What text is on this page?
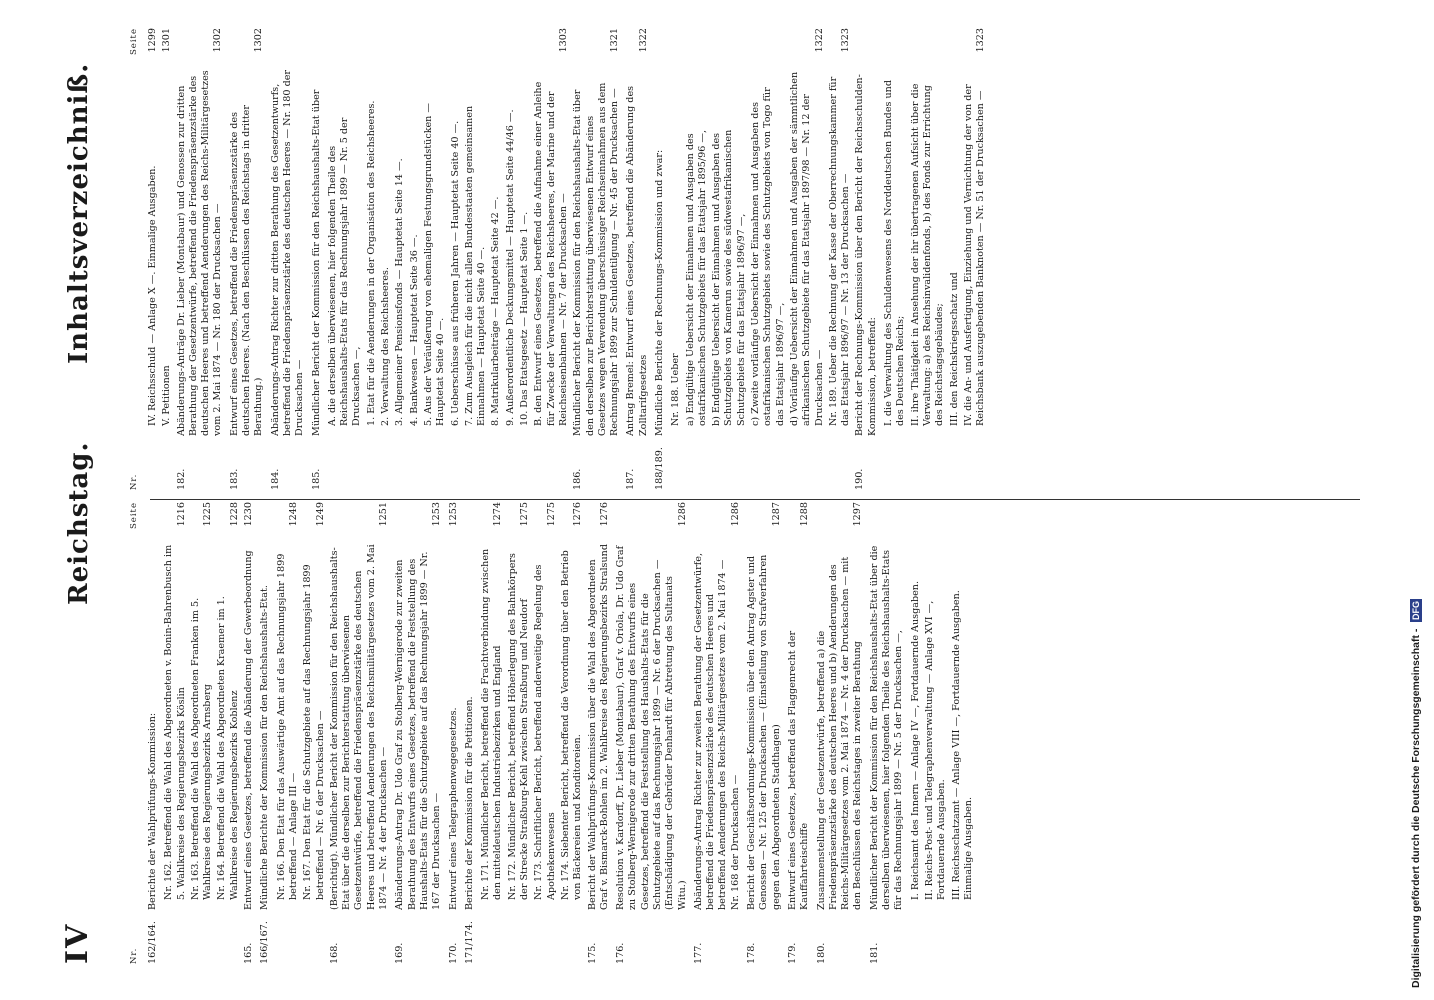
IV
Reichstag.
Inhaltsverzeichniß.
Nr.
Seite
162/164.
Berichte der Wahlprüfungs-Kommission: Nr. 162. Betreffend die Wahl des Abgeordneten v. Bonin-Bahrenbusch im 5. Wahlkreise des Regierungsbezirks Köslin
1216
Nr. 163. Betreffend die Wahl des Abgeordneten Franken im 5. Wahlkreise des Regierungsbezirks Arnsberg
1225
Nr. 164. Betreffend die Wahl des Abgeordneten Kraemer im 1. Wahlkreise des Regierungsbezirks Koblenz
1228
165.
Entwurf eines Gesetzes, betreffend die Abänderung der Gewerbeordnung
1230
166/167.
Mündliche Berichte der Kommission für den Reichshaushalts-Etat. Nr. 166. Den Etat für das Auswärtige Amt auf das Rechnungsjahr 1899 betreffend — Anlage III —
1248
Nr. 167. Den Etat für die Schutzgebiete auf das Rechnungsjahr 1899 betreffend — Nr. 6 der Drucksachen —
1249
168.
(Berichtigt). Mündlicher Bericht der Kommission für den Reichshaushalts-Etat über die derselben zur Berichterstattung überwiesenen Gesetzentwürfe, betreffend die Friedenspräsenzstärke des deutschen Heeres und betreffend Aenderungen des Reichsmilitärgesetzes vom 2. Mai 1874 — Nr. 4 der Drucksachen —
1251
169.
Abänderungs-Antrag Dr. Udo Graf zu Stolberg-Wernigerode zur zweiten Berathung des Entwurfs eines Gesetzes, betreffend die Feststellung des Haushalts-Etats für die Schutzgebiete auf das Rechnungsjahr 1899 — Nr. 167 der Drucksachen —
1253
170.
Entwurf eines Telegraphenwegegesetzes.
1253
171/174.
Berichte der Kommission für die Petitionen. Nr. 171. Mündlicher Bericht, betreffend die Frachtverbindung zwischen den mitteldeutschen Industriebezirken und England
1274
Nr. 172. Mündlicher Bericht, betreffend Höherlegung des Bahnkörpers der Strecke Straßburg-Kehl zwischen Straßburg und Neudorf
1275
Nr. 173. Schriftlicher Bericht, betreffend anderweitige Regelung des Apothekenwesens
1275
Nr. 174. Siebenter Bericht, betreffend die Verordnung über den Betrieb von Bäckereien und Konditoreien.
1276
175.
Bericht der Wahlprüfungs-Kommission über die Wahl des Abgeordneten Graf v. Bismarck-Bohlen im 2. Wahlkreise des Regierungsbezirks Stralsund
1276
176.
Resolution v. Kardorff, Dr. Lieber (Montabaur), Graf v. Oriola, Dr. Udo Graf zu Stolberg-Wernigerode zur dritten Berathung des Entwurfs eines Gesetzes, betreffend die Feststellung des Haushalts-Etats für die Schutzgebiete auf das Rechnungsjahr 1899 — Nr. 6 der Drucksachen — (Entschädigung der Gebrüder Denhardt für Abtretung des Sultanats Witu.)
1286
177.
Abänderungs-Antrag Richter zur zweiten Berathung der Gesetzentwürfe, betreffend die Friedenspräsenzstärke des deutschen Heeres und betreffend Aenderungen des Reichs-Militärgesetzes vom 2. Mai 1874 — Nr. 168 der Drucksachen —
1286
178.
Bericht der Geschäftsordnungs-Kommission über den Antrag Agster und Genossen — Nr. 125 der Drucksachen — (Einstellung von Strafverfahren gegen den Abgeordneten Stadthagen)
1287
179.
Entwurf eines Gesetzes, betreffend das Flaggenrecht der Kauffahrteischiffe
1288
180.
Zusammenstellung der Gesetzentwürfe, betreffend a) die Friedenspräsenzstärke des deutschen Heeres und b) Aenderungen des Reichs-Militärgesetzes vom 2. Mai 1874 — Nr. 4 der Drucksachen — mit den Beschlüssen des Reichstages in zweiter Berathung
1297
181.
Mündlicher Bericht der Kommission für den Reichshaushalts-Etat über die derselben überwiesenen, hier folgenden Theile des Reichshaushalts-Etats für das Rechnungsjahr 1899 — Nr. 5 der Drucksachen —, I. Reichsamt des Innern — Anlage IV —, Fortdauernde Ausgaben. II. Reichs-Post- und Telegraphenverwaltung — Anlage XVI —, Fortdauernde Ausgaben. III. Reichsschatzamt — Anlage VIII —, Fortdauernde Ausgaben. Einmalige Ausgaben.
Nr.
Seite
IV. Reichsschuld — Anlage X —. Einmalige Ausgaben.
1299
V. Petitionen
1301
182.
Abänderungs-Anträge Dr. Lieber (Montabaur) und Genossen zur dritten Berathung der Gesetzentwürfe, betreffend die Friedenspräsenzstärke des deutschen Heeres und betreffend Aenderungen des Reichs-Militärgesetzes vom 2. Mai 1874 — Nr. 180 der Drucksachen —
1302
183.
Entwurf eines Gesetzes, betreffend die Friedenspräsenzstärke des deutschen Heeres. (Nach den Beschlüssen des Reichstags in dritter Berathung.)
1302
184.
Abänderungs-Antrag Richter zur dritten Berathung des Gesetzentwurfs, betreffend die Friedenspräsenzstärke des deutschen Heeres — Nr. 180 der Drucksachen —
185.
Mündlicher Bericht der Kommission für den Reichshaushalts-Etat über A. die derselben überwiesenen, hier folgenden Theile des Reichshaushalts-Etats für das Rechnungsjahr 1899 — Nr. 5 der Drucksachen —, 1. Etat für die Aenderungen in der Organisation des Reichsheeres. 2. Verwaltung des Reichsheeres. 3. Allgemeiner Pensionsfonds — Hauptetat Seite 14 —. 4. Bankwesen — Hauptetat Seite 36 —. 5. Aus der Veräußerung von ehemaligen Festungsgrundstücken — Hauptetat Seite 40 —. 6. Ueberschüsse aus früheren Jahren — Hauptetat Seite 40 —. 7. Zum Ausgleich für die nicht allen Bundesstaaten gemeinsamen Einnahmen — Hauptetat Seite 40 —. 8. Matrikularbeiträge — Hauptetat Seite 42 —. 9. Außerordentliche Deckungsmittel — Hauptetat Seite 44/46 —. 10. Das Etatsgesetz — Hauptetat Seite 1 —. B. den Entwurf eines Gesetzes, betreffend die Aufnahme einer Anleihe für Zwecke der Verwaltungen des Reichsheeres, der Marine und der Reichseisenbahnen — Nr. 7 der Drucksachen —
1303
186.
Mündlicher Bericht der Kommission für den Reichshaushalts-Etat über den derselben zur Berichterstattung überwiesenen Entwurf eines Gesetzes wegen Verwendung überschüssiger Reichseinnahmen aus dem Rechnungsjahr 1899 zur Schuldentilgung — Nr. 45 der Drucksachen —
1321
187.
Antrag Bremel: Entwurf eines Gesetzes, betreffend die Abänderung des Zolltarifgesetzes
1322
188/189.
Mündliche Berichte der Rechnungs-Kommission und zwar: Nr. 188. Ueber a) Endgültige Uebersicht der Einnahmen und Ausgaben des ostafrikanischen Schutzgebiets für das Etatsjahr 1895/96 —, b) Endgültige Uebersicht der Einnahmen und Ausgaben des Schutzgebiets von Kamerun sowie des südwestafrikanischen Schutzgebiets für das Etatsjahr 1896/97 —, c) Zweite vorläufige Uebersicht der Einnahmen und Ausgaben des ostafrikanischen Schutzgebiets sowie des Schutzgebiets von Togo für das Etatsjahr 1896/97 —, d) Vorläufige Uebersicht der Einnahmen und Ausgaben der sämmtlichen afrikanischen Schutzgebiete für das Etatsjahr 1897/98 — Nr. 12 der Drucksachen —
1322
Nr. 189. Ueber die Rechnung der Kasse der Oberrechnungskammer für das Etatsjahr 1896/97 — Nr. 13 der Drucksachen —
1323
190.
Bericht der Rechnungs-Kommission über den Bericht der Reichsschulden-Kommission, betreffend: I. die Verwaltung des Schuldenwesens des Norddeutschen Bundes und des Deutschen Reichs; II. ihre Thätigkeit in Ansehung der ihr übertragenen Aufsicht über die Verwaltung: a) des Reichsinvalidenfonds, b) des Fonds zur Errichtung des Reichstagsgebäudes; III. den Reichskriegsschatz und IV. die An- und Ausfertigung, Einziehung und Vernichtung der von der Reichsbank auszugebenden Banknoten — Nr. 51 der Drucksachen —
1323
Digitalisierung gefördert durch die Deutsche Forschungsgemeinschaft - DFG
